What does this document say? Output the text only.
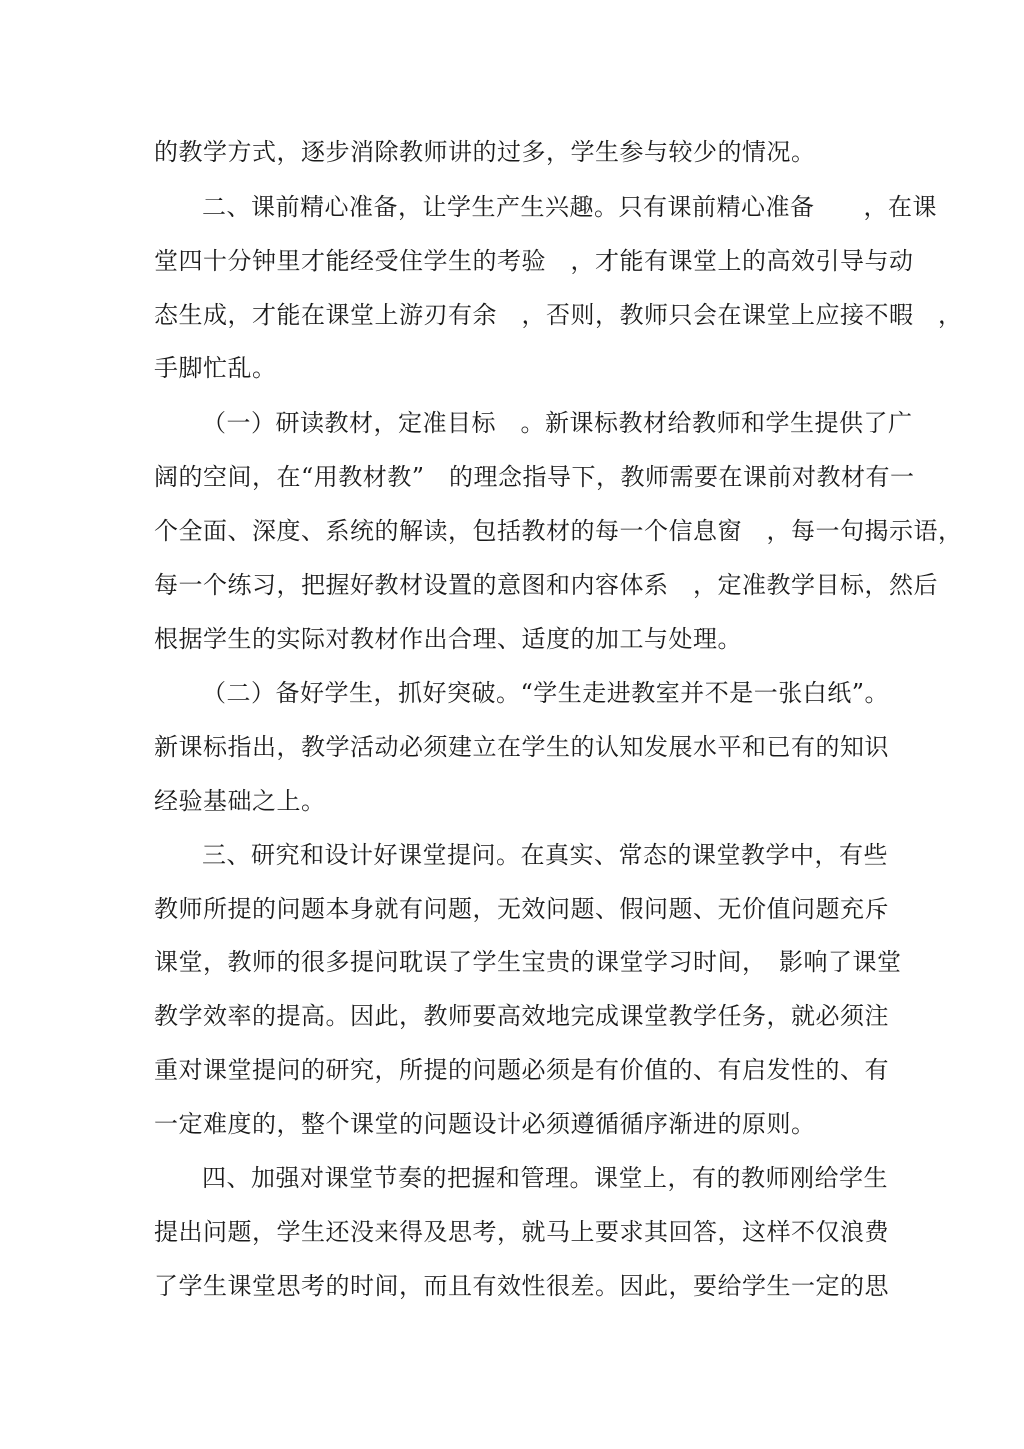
的教学方式，逐步消除教师讲的过多，学生参与较少的情况。
二、课前精心准备，让学生产生兴趣。只有课前精心准备　　，在课
堂四十分钟里才能经受住学生的考验　，才能有课堂上的高效引导与动
态生成，才能在课堂上游刃有余　，否则，教师只会在课堂上应接不暇　，
手脚忙乱。
（一）研读教材，定准目标　。新课标教材给教师和学生提供了广
阔的空间，在“用教材教”　的理念指导下，教师需要在课前对教材有一
个全面、深度、系统的解读，包括教材的每一个信息窗　，每一句揭示语，
每一个练习，把握好教材设置的意图和内容体系　，定准教学目标，然后
根据学生的实际对教材作出合理、适度的加工与处理。
（二）备好学生，抓好突破。“学生走进教室并不是一张白纸”。
新课标指出，教学活动必须建立在学生的认知发展水平和已有的知识
经验基础之上。
三、研究和设计好课堂提问。在真实、常态的课堂教学中，有些
教师所提的问题本身就有问题，无效问题、假问题、无价值问题充斥
课堂，教师的很多提问耽误了学生宝贵的课堂学习时间，　影响了课堂
教学效率的提高。因此，教师要高效地完成课堂教学任务，就必须注
重对课堂提问的研究，所提的问题必须是有价值的、有启发性的、有
一定难度的，整个课堂的问题设计必须遵循循序渐进的原则。
四、加强对课堂节奏的把握和管理。课堂上，有的教师刚给学生
提出问题，学生还没来得及思考，就马上要求其回答，这样不仅浪费
了学生课堂思考的时间，而且有效性很差。因此，要给学生一定的思
